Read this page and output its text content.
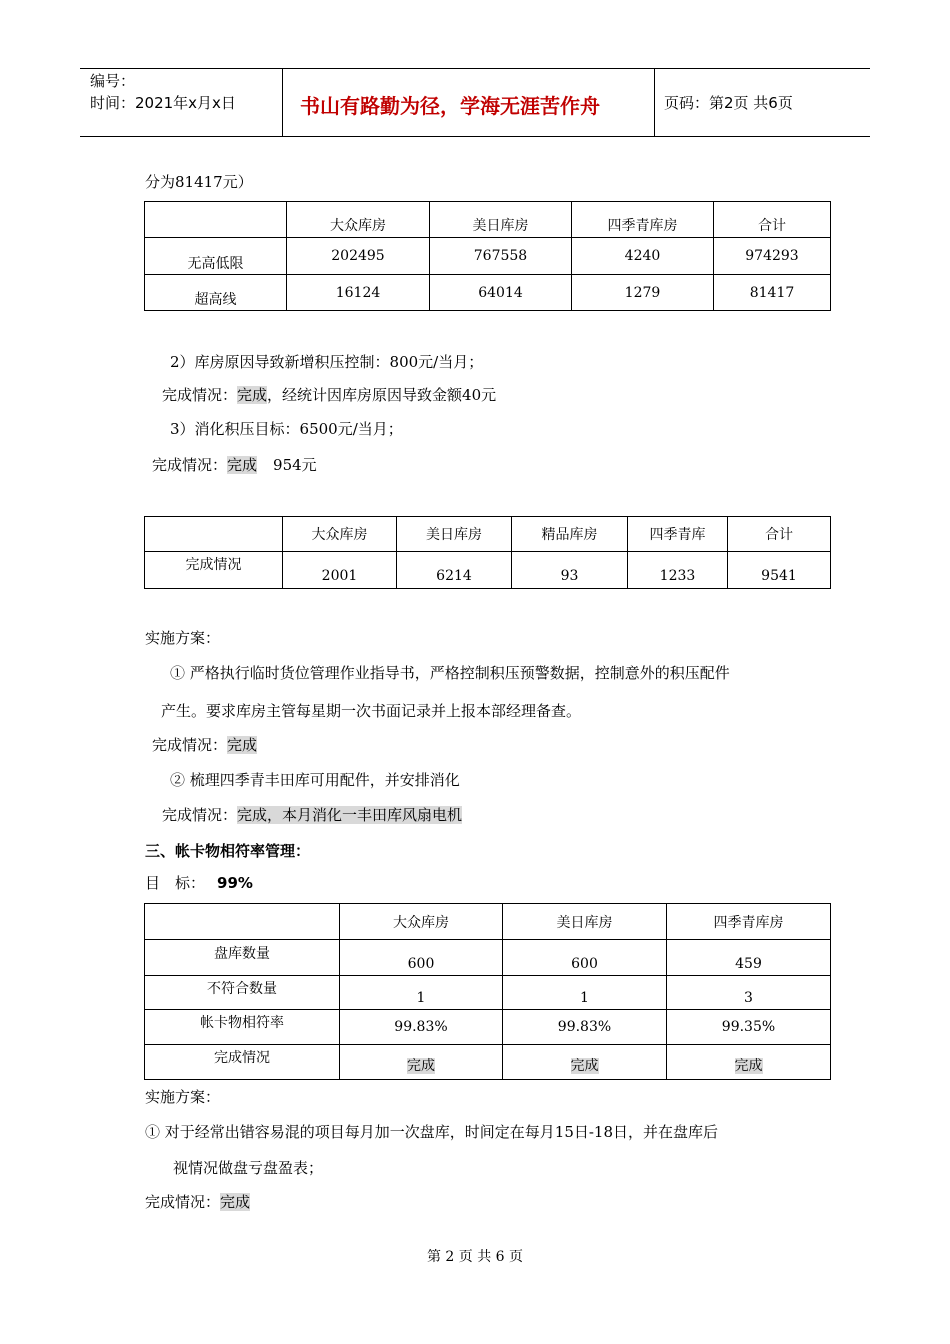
编号：
时间：2021年x月x日	书山有路勤为径，学海无涯苦作舟	页码：第2页 共6页
分为81417元）
	大众库房	美日库房	四季青库房	合计
无高低限	202495	767558	4240	974293
超高线	16124	64014	1279	81417
2）库房原因导致新增积压控制：800元/当月；
完成情况：完成，经统计因库房原因导致金额40元
3）消化积压目标：6500元/当月；
完成情况：完成 954元
	大众库房	美日库房	精品库房	四季青库	合计
完成情况	2001	6214	93	1233	9541
实施方案：
① 严格执行临时货位管理作业指导书，严格控制积压预警数据，控制意外的积压配件
产生。要求库房主管每星期一次书面记录并上报本部经理备查。
完成情况：完成
② 梳理四季青丰田库可用配件，并安排消化
完成情况：完成，本月消化一丰田库风扇电机
三、帐卡物相符率管理：
目　标： 99%
	大众库房	美日库房	四季青库房
盘库数量	600	600	459
不符合数量	1	1	3
帐卡物相符率	99.83%	99.83%	99.35%
完成情况	完成	完成	完成
实施方案：
① 对于经常出错容易混的项目每月加一次盘库，时间定在每月15日-18日，并在盘库后
视情况做盘亏盘盈表；
完成情况：完成
第 2 页 共 6 页
